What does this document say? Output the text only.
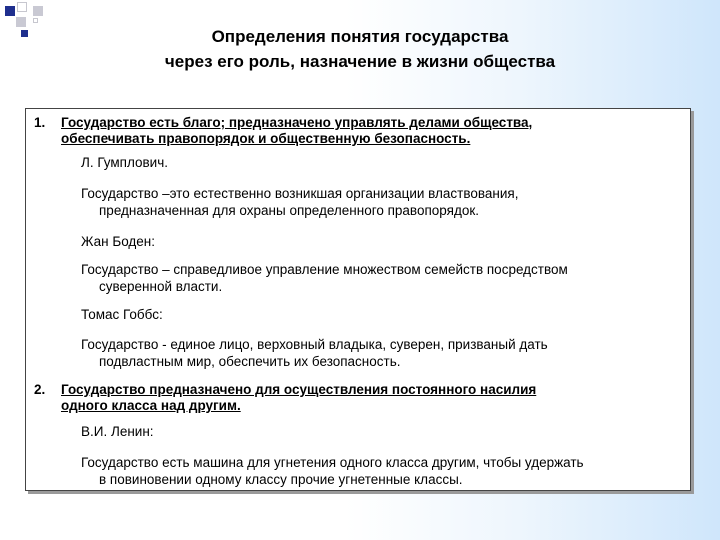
Определения понятия государства
через его роль, назначение в жизни общества
1. Государство есть благо; предназначено управлять делами общества,
обеспечивать правопорядок и общественную безопасность.
Л. Гумплович.
Государство –это естественно возникшая организации властвования,
предназначенная для охраны определенного правопорядок.
Жан Боден:
Государство – справедливое управление множеством семейств посредством
суверенной власти.
Томас Гоббс:
Государство - единое лицо, верховный владыка, суверен, призваный дать
подвластным мир, обеспечить их безопасность.
2. Государство предназначено для осуществления постоянного насилия
одного класса над другим.
В.И. Ленин:
Государство есть машина для угнетения одного класса другим, чтобы удержать
в повиновении одному классу прочие угнетенные классы.
